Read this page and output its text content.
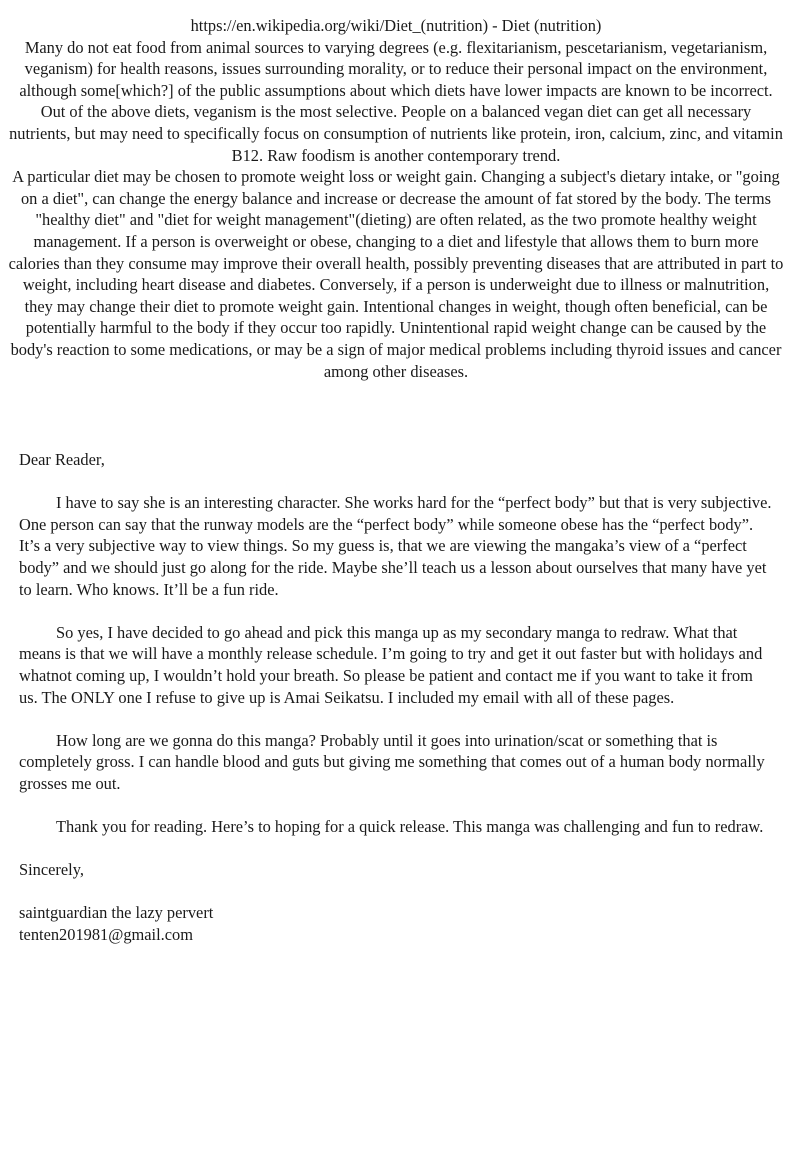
https://en.wikipedia.org/wiki/Diet_(nutrition) - Diet (nutrition)

Many do not eat food from animal sources to varying degrees (e.g. flexitarianism, pescetarianism, vegetarianism, veganism) for health reasons, issues surrounding morality, or to reduce their personal impact on the environment, although some[which?] of the public assumptions about which diets have lower impacts are known to be incorrect. Out of the above diets, veganism is the most selective. People on a balanced vegan diet can get all necessary nutrients, but may need to specifically focus on consumption of nutrients like protein, iron, calcium, zinc, and vitamin B12. Raw foodism is another contemporary trend.

A particular diet may be chosen to promote weight loss or weight gain. Changing a subject's dietary intake, or "going on a diet", can change the energy balance and increase or decrease the amount of fat stored by the body. The terms "healthy diet" and "diet for weight management"(dieting) are often related, as the two promote healthy weight management. If a person is overweight or obese, changing to a diet and lifestyle that allows them to burn more calories than they consume may improve their overall health, possibly preventing diseases that are attributed in part to weight, including heart disease and diabetes. Conversely, if a person is underweight due to illness or malnutrition, they may change their diet to promote weight gain. Intentional changes in weight, though often beneficial, can be potentially harmful to the body if they occur too rapidly. Unintentional rapid weight change can be caused by the body's reaction to some medications, or may be a sign of major medical problems including thyroid issues and cancer among other diseases.

Dear Reader,

I have to say she is an interesting character. She works hard for the “perfect body” but that is very subjective. One person can say that the runway models are the “perfect body” while someone obese has the “perfect body”. It’s a very subjective way to view things. So my guess is, that we are viewing the mangaka’s view of a “perfect body” and we should just go along for the ride. Maybe she’ll teach us a lesson about ourselves that many have yet to learn. Who knows. It’ll be a fun ride.

So yes, I have decided to go ahead and pick this manga up as my secondary manga to redraw. What that means is that we will have a monthly release schedule. I’m going to try and get it out faster but with holidays and whatnot coming up, I wouldn’t hold your breath. So please be patient and contact me if you want to take it from us. The ONLY one I refuse to give up is Amai Seikatsu. I included my email with all of these pages.

How long are we gonna do this manga? Probably until it goes into urination/scat or something that is completely gross. I can handle blood and guts but giving me something that comes out of a human body normally grosses me out.

Thank you for reading. Here’s to hoping for a quick release. This manga was challenging and fun to redraw.

Sincerely,

saintguardian the lazy pervert

tenten201981@gmail.com
